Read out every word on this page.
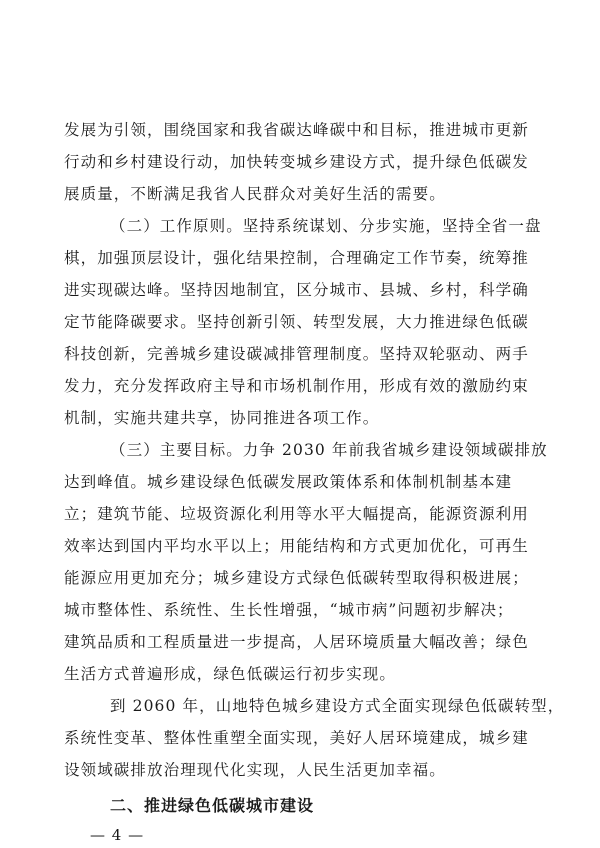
发展为引领，围绕国家和我省碳达峰碳中和目标，推进城市更新
行动和乡村建设行动，加快转变城乡建设方式，提升绿色低碳发
展质量，不断满足我省人民群众对美好生活的需要。
（二）工作原则。坚持系统谋划、分步实施，坚持全省一盘
棋，加强顶层设计，强化结果控制，合理确定工作节奏，统筹推
进实现碳达峰。坚持因地制宜，区分城市、县城、乡村，科学确
定节能降碳要求。坚持创新引领、转型发展，大力推进绿色低碳
科技创新，完善城乡建设碳减排管理制度。坚持双轮驱动、两手
发力，充分发挥政府主导和市场机制作用，形成有效的激励约束
机制，实施共建共享，协同推进各项工作。
（三）主要目标。力争 2030 年前我省城乡建设领域碳排放
达到峰值。城乡建设绿色低碳发展政策体系和体制机制基本建
立；建筑节能、垃圾资源化利用等水平大幅提高，能源资源利用
效率达到国内平均水平以上；用能结构和方式更加优化，可再生
能源应用更加充分；城乡建设方式绿色低碳转型取得积极进展；
城市整体性、系统性、生长性增强，“城市病”问题初步解决；
建筑品质和工程质量进一步提高，人居环境质量大幅改善；绿色
生活方式普遍形成，绿色低碳运行初步实现。
到 2060 年，山地特色城乡建设方式全面实现绿色低碳转型，
系统性变革、整体性重塑全面实现，美好人居环境建成，城乡建
设领域碳排放治理现代化实现，人民生活更加幸福。
二、推进绿色低碳城市建设
— 4 —
